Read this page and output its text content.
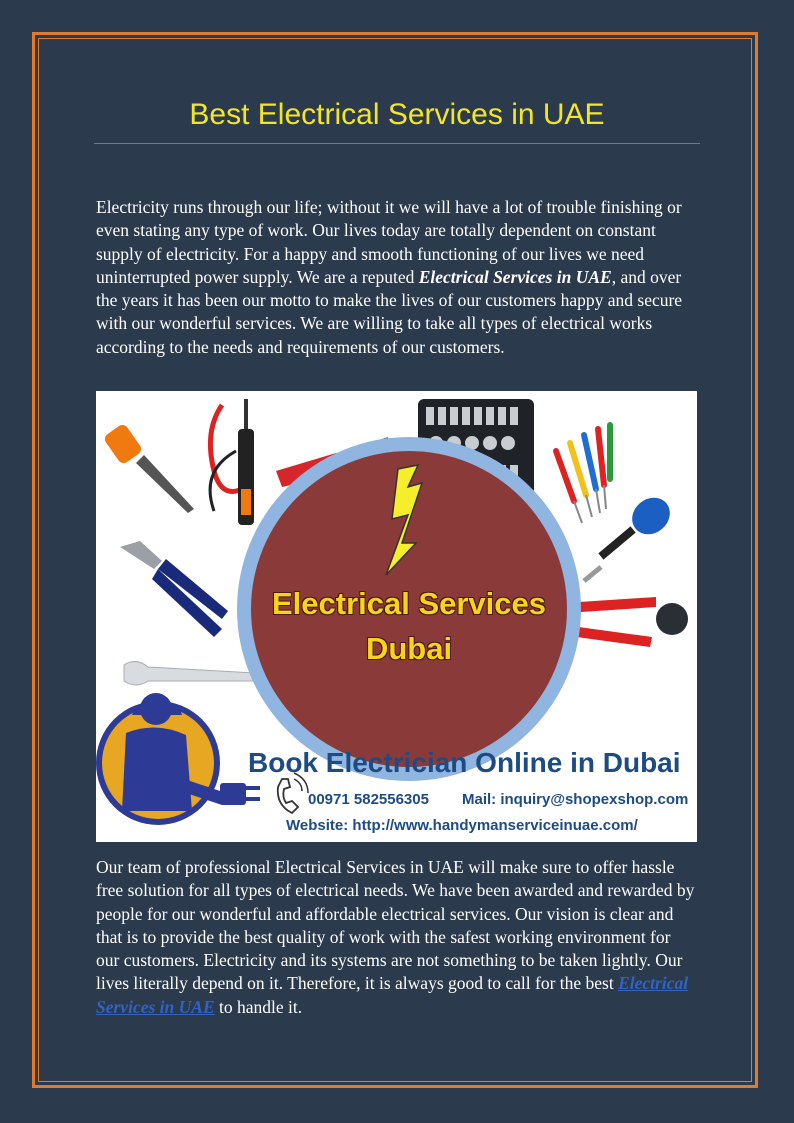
Best Electrical Services in UAE

Electricity runs through our life; without it we will have a lot of trouble finishing or even stating any type of work. Our lives today are totally dependent on constant supply of electricity. For a happy and smooth functioning of our lives we need uninterrupted power supply. We are a reputed Electrical Services in UAE, and over the years it has been our motto to make the lives of our customers happy and secure with our wonderful services. We are willing to take all types of electrical works according to the needs and requirements of our customers.

Electrical Services

Dubai

Book Electrician Online in Dubai

00971 582556305 Mail: inquiry@shopexshop.com

Website: http://www.handymanserviceinuae.com/

Our team of professional Electrical Services in UAE will make sure to offer hassle free solution for all types of electrical needs. We have been awarded and rewarded by people for our wonderful and affordable electrical services. Our vision is clear and that is to provide the best quality of work with the safest working environment for our customers. Electricity and its systems are not something to be taken lightly. Our lives literally depend on it. Therefore, it is always good to call for the best Electrical Services in UAE to handle it.
